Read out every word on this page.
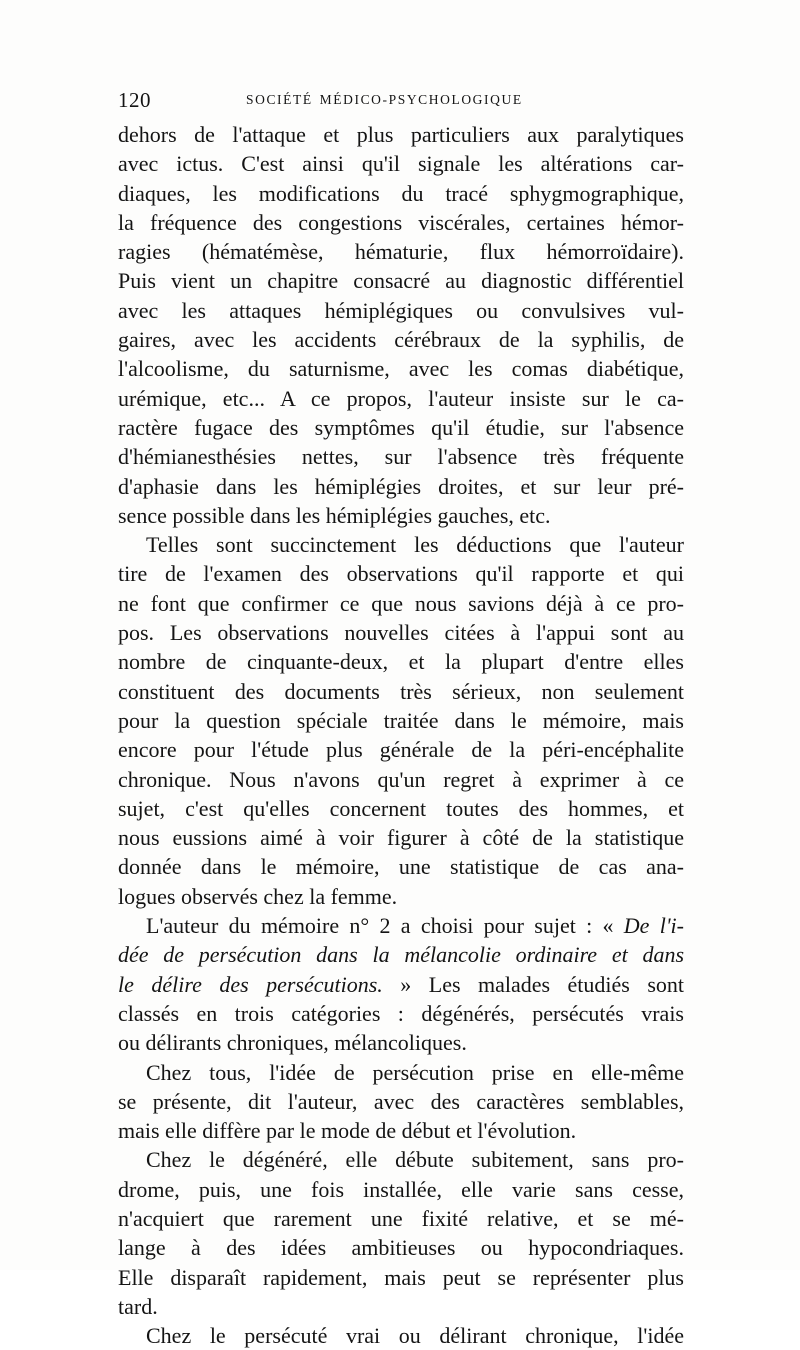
120	SOCIÉTÉ MÉDICO-PSYCHOLOGIQUE
dehors de l'attaque et plus particuliers aux paralytiques
avec ictus. C'est ainsi qu'il signale les altérations car-
diaques, les modifications du tracé sphygmographique,
la fréquence des congestions viscérales, certaines hémor-
ragies (hématémèse, hématurie, flux hémorroïdaire).
Puis vient un chapitre consacré au diagnostic différentiel
avec les attaques hémiplégiques ou convulsives vul-
gaires, avec les accidents cérébraux de la syphilis, de
l'alcoolisme, du saturnisme, avec les comas diabétique,
urémique, etc... A ce propos, l'auteur insiste sur le ca-
ractère fugace des symptômes qu'il étudie, sur l'absence
d'hémianesthésies nettes, sur l'absence très fréquente
d'aphasie dans les hémiplégies droites, et sur leur pré-
sence possible dans les hémiplégies gauches, etc.
Telles sont succinctement les déductions que l'auteur
tire de l'examen des observations qu'il rapporte et qui
ne font que confirmer ce que nous savions déjà à ce pro-
pos. Les observations nouvelles citées à l'appui sont au
nombre de cinquante-deux, et la plupart d'entre elles
constituent des documents très sérieux, non seulement
pour la question spéciale traitée dans le mémoire, mais
encore pour l'étude plus générale de la péri-encéphalite
chronique. Nous n'avons qu'un regret à exprimer à ce
sujet, c'est qu'elles concernent toutes des hommes, et
nous eussions aimé à voir figurer à côté de la statistique
donnée dans le mémoire, une statistique de cas ana-
logues observés chez la femme.
L'auteur du mémoire n° 2 a choisi pour sujet : « De l'i-
dée de persécution dans la mélancolie ordinaire et dans
le délire des persécutions. » Les malades étudiés sont
classés en trois catégories : dégénérés, persécutés vrais
ou délirants chroniques, mélancoliques.
Chez tous, l'idée de persécution prise en elle-même
se présente, dit l'auteur, avec des caractères semblables,
mais elle diffère par le mode de début et l'évolution.
Chez le dégénéré, elle débute subitement, sans pro-
drome, puis, une fois installée, elle varie sans cesse,
n'acquiert que rarement une fixité relative, et se mé-
lange à des idées ambitieuses ou hypocondriaques.
Elle disparaît rapidement, mais peut se représenter plus
tard.
Chez le persécuté vrai ou délirant chronique, l'idée
